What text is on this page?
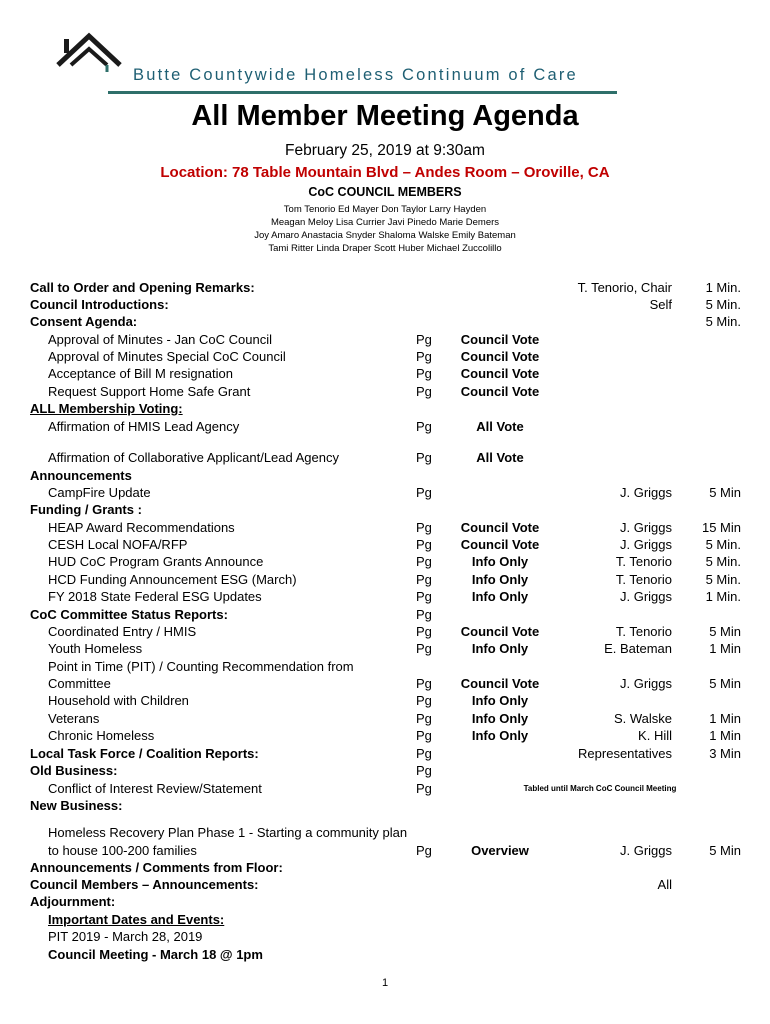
Butte Countywide Homeless Continuum of Care
All Member Meeting Agenda
February 25, 2019 at 9:30am
Location: 78 Table Mountain Blvd – Andes Room – Oroville, CA
CoC COUNCIL MEMBERS
Tom Tenorio Ed Mayer Don Taylor Larry Hayden
Meagan Meloy Lisa Currier Javi Pinedo Marie Demers
Joy Amaro Anastacia Snyder Shaloma Walske Emily Bateman
Tami Ritter Linda Draper Scott Huber Michael Zuccolillo
Call to Order and Opening Remarks:	T. Tenorio, Chair	1 Min.
Council Introductions:	Self	5 Min.
Consent Agenda:	5 Min.
Approval of Minutes - Jan CoC Council	Pg	Council Vote
Approval of Minutes Special CoC Council	Pg	Council Vote
Acceptance of Bill M resignation	Pg	Council Vote
Request Support Home Safe Grant	Pg	Council Vote
ALL Membership Voting:
Affirmation of HMIS Lead Agency	Pg	All Vote
Affirmation of Collaborative Applicant/Lead Agency	Pg	All Vote
Announcements
CampFire Update	Pg	J. Griggs	5 Min
Funding / Grants :
HEAP Award Recommendations	Pg	Council Vote	J. Griggs 15 Min
CESH Local NOFA/RFP	Pg	Council Vote	J. Griggs	5 Min.
HUD CoC Program Grants Announce	Pg	Info Only	T. Tenorio	5 Min.
HCD Funding Announcement ESG (March)	Pg	Info Only	T. Tenorio	5 Min.
FY 2018 State Federal ESG Updates	Pg	Info Only	J. Griggs	1 Min.
CoC Committee Status Reports:	Pg
Coordinated Entry / HMIS	Pg	Council Vote	T. Tenorio	5 Min
Youth Homeless	Pg	Info Only	E. Bateman	1 Min
Point in Time (PIT) / Counting Recommendation from
Committee	Pg	Council Vote	J. Griggs	5 Min
Household with Children	Pg	Info Only
Veterans	Pg	Info Only	S. Walske	1 Min
Chronic Homeless	Pg	Info Only	K. Hill	1 Min
Local Task Force / Coalition Reports:	Pg	Representatives	3 Min
Old Business:	Pg
Conflict of Interest Review/Statement	Pg	Tabled until March CoC Council Meeting
New Business:
Homeless Recovery Plan Phase 1 - Starting a community plan
to house 100-200 families	Pg	Overview	J. Griggs	5 Min
Announcements / Comments from Floor:
Council Members – Announcements:	All
Adjournment:
Important Dates and Events:
PIT 2019 - March 28, 2019
Council Meeting - March 18 @ 1pm
1
